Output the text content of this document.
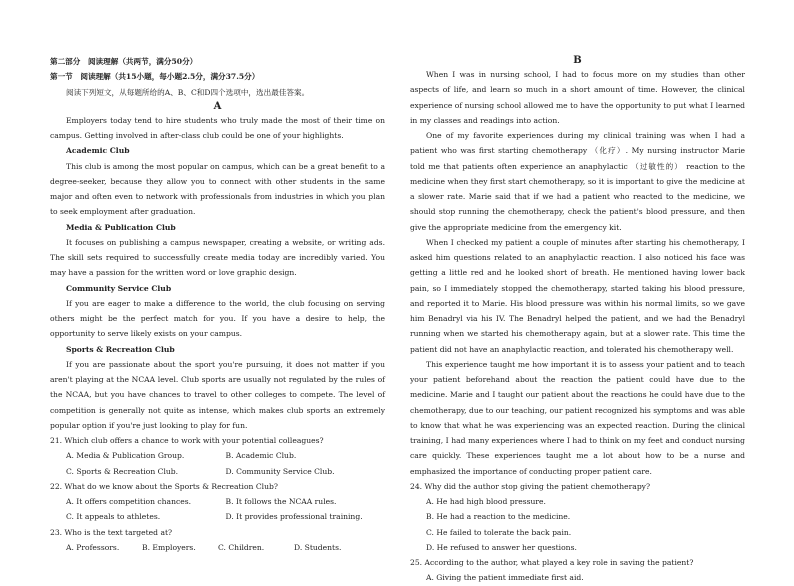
第二部分　阅读理解（共两节，满分50分）

第一节　阅读理解（共15小题，每小题2.5分，满分37.5分）

阅读下列短文，从每题所给的A、B、C和D四个选项中，选出最佳答案。

A

Employers today tend to hire students who truly made the most of their time on campus. Getting involved in after-class club could be one of your highlights.

Academic Club

This club is among the most popular on campus, which can be a great benefit to a degree-seeker, because they allow you to connect with other students in the same major and often even to network with professionals from industries in which you plan to seek employment after graduation.

Media & Publication Club

It focuses on publishing a campus newspaper, creating a website, or writing ads. The skill sets required to successfully create media today are incredibly varied. You may have a passion for the written word or love graphic design.

Community Service Club

If you are eager to make a difference to the world, the club focusing on serving others might be the perfect match for you. If you have a desire to help, the opportunity to serve likely exists on your campus.

Sports & Recreation Club

If you are passionate about the sport you're pursuing, it does not matter if you aren't playing at the NCAA level. Club sports are usually not regulated by the rules of the NCAA, but you have chances to travel to other colleges to compete. The level of competition is generally not quite as intense, which makes club sports an extremely popular option if you're just looking to play for fun.

21. Which club offers a chance to work with your potential colleagues?

A. Media & Publication Group.	B. Academic Club.
C. Sports & Recreation Club.	D. Community Service Club.

22. What do we know about the Sports & Recreation Club?

A. It offers competition chances.	B. It follows the NCAA rules.
C. It appeals to athletes.	D. It provides professional training.

23. Who is the text targeted at?

A. Professors.	B. Employers.	C. Children.	D. Students.

B

When I was in nursing school, I had to focus more on my studies than other aspects of life, and learn so much in a short amount of time. However, the clinical experience of nursing school allowed me to have the opportunity to put what I learned in my classes and readings into action.

One of my favorite experiences during my clinical training was when I had a patient who was first starting chemotherapy （化疗）. My nursing instructor Marie told me that patients often experience an anaphylactic （过敏性的） reaction to the medicine when they first start chemotherapy, so it is important to give the medicine at a slower rate. Marie said that if we had a patient who reacted to the medicine, we should stop running the chemotherapy, check the patient's blood pressure, and then give the appropriate medicine from the emergency kit.

When I checked my patient a couple of minutes after starting his chemotherapy, I asked him questions related to an anaphylactic reaction. I also noticed his face was getting a little red and he looked short of breath. He mentioned having lower back pain, so I immediately stopped the chemotherapy, started taking his blood pressure, and reported it to Marie. His blood pressure was within his normal limits, so we gave him Benadryl via his IV. The Benadryl helped the patient, and we had the Benadryl running when we started his chemotherapy again, but at a slower rate. This time the patient did not have an anaphylactic reaction, and tolerated his chemotherapy well.

This experience taught me how important it is to assess your patient and to teach your patient beforehand about the reaction the patient could have due to the medicine. Marie and I taught our patient about the reactions he could have due to the chemotherapy, due to our teaching, our patient recognized his symptoms and was able to know that what he was experiencing was an expected reaction. During the clinical training, I had many experiences where I had to think on my feet and conduct nursing care quickly. These experiences taught me a lot about how to be a nurse and emphasized the importance of conducting proper patient care.

24. Why did the author stop giving the patient chemotherapy?

A. He had high blood pressure.

B. He had a reaction to the medicine.

C. He failed to tolerate the back pain.

D. He refused to answer her questions.

25. According to the author, what played a key role in saving the patient?

A. Giving the patient immediate first aid.
